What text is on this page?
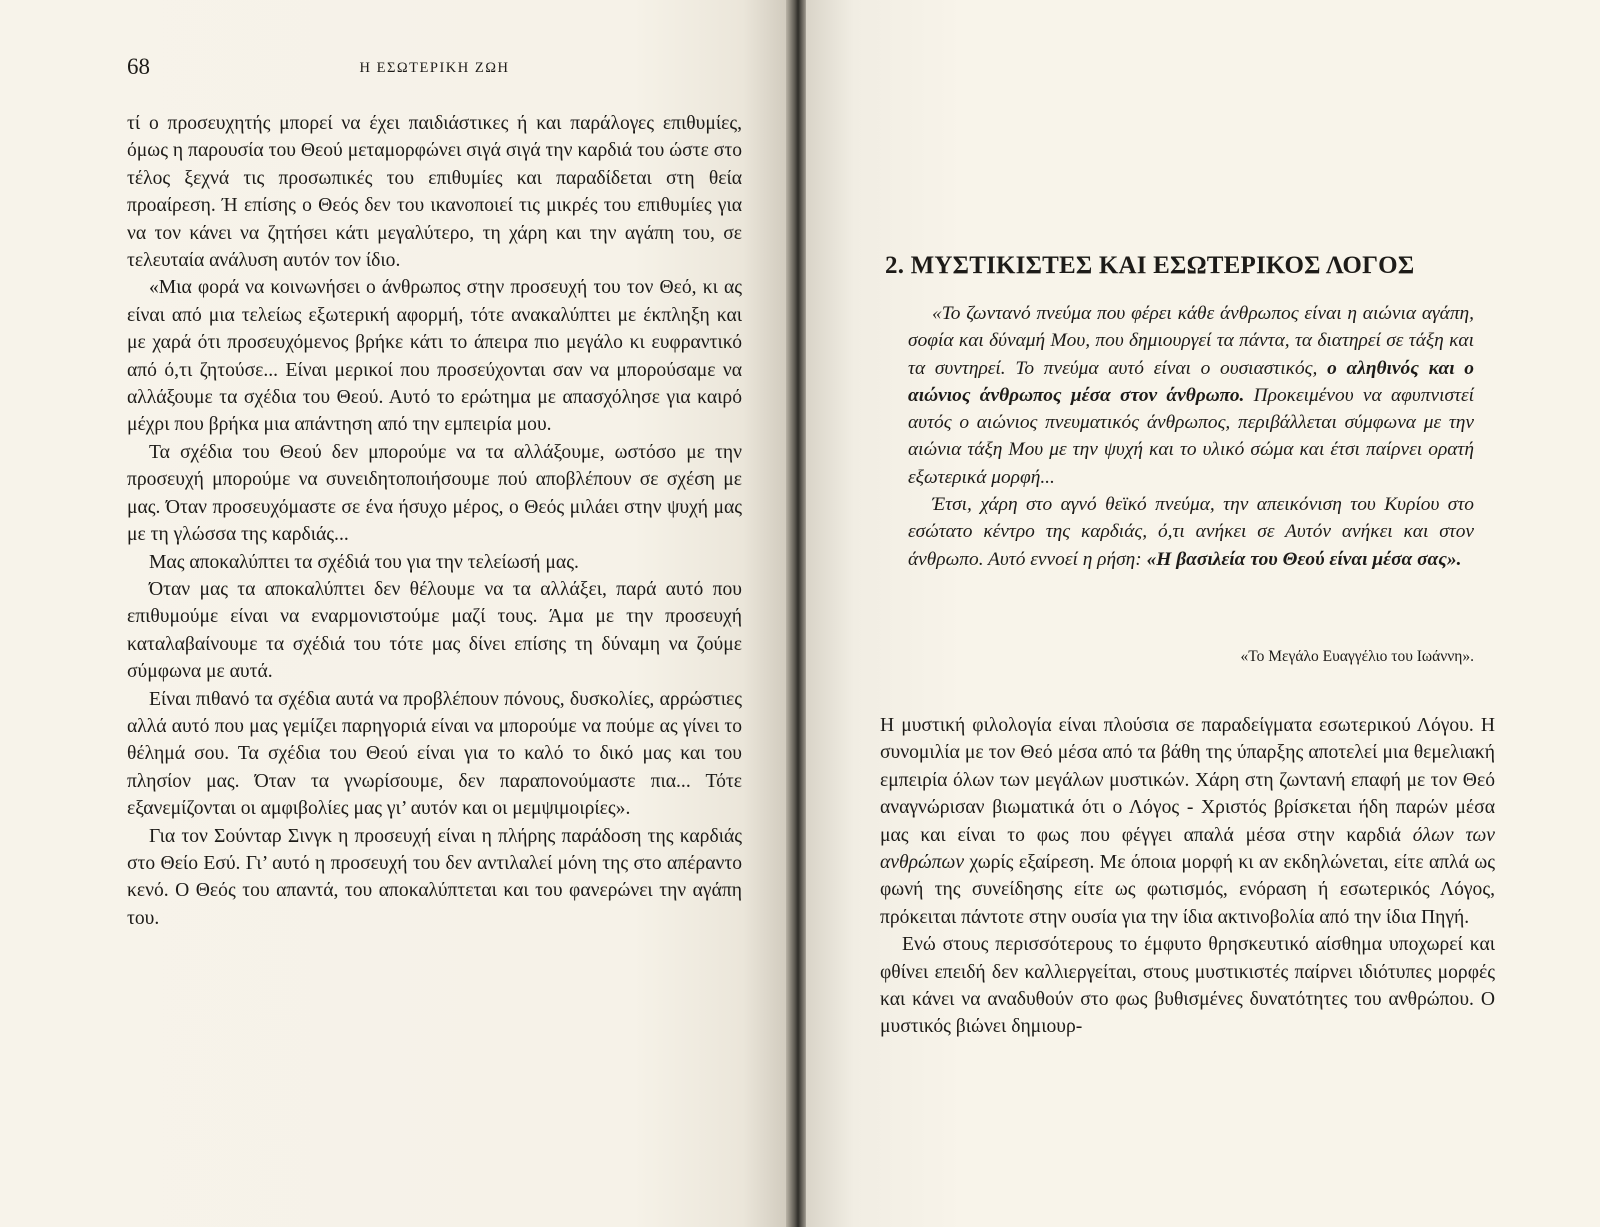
68	Η ΕΣΩΤΕΡΙΚΗ ΖΩΗ

τί ο προσευχητής μπορεί να έχει παιδιάστικες ή και παράλογες επιθυμίες, όμως η παρουσία του Θεού μεταμορφώνει σιγά σιγά την καρδιά του ώστε στο τέλος ξεχνά τις προσωπικές του επιθυμίες και παραδίδεται στη θεία προαίρεση. Ή επίσης ο Θεός δεν του ικανοποιεί τις μικρές του επιθυμίες για να τον κάνει να ζητήσει κάτι μεγαλύτερο, τη χάρη και την αγάπη του, σε τελευταία ανάλυση αυτόν τον ίδιο.

«Μια φορά να κοινωνήσει ο άνθρωπος στην προσευχή του τον Θεό, κι ας είναι από μια τελείως εξωτερική αφορμή, τότε ανακαλύπτει με έκπληξη και με χαρά ότι προσευχόμενος βρήκε κάτι το άπειρα πιο μεγάλο κι ευφραντικό από ό,τι ζητούσε... Είναι μερικοί που προσεύχονται σαν να μπορούσαμε να αλλάξουμε τα σχέδια του Θεού. Αυτό το ερώτημα με απασχόλησε για καιρό μέχρι που βρήκα μια απάντηση από την εμπειρία μου.

Τα σχέδια του Θεού δεν μπορούμε να τα αλλάξουμε, ωστόσο με την προσευχή μπορούμε να συνειδητοποιήσουμε πού αποβλέπουν σε σχέση με μας. Όταν προσευχόμαστε σε ένα ήσυχο μέρος, ο Θεός μιλάει στην ψυχή μας με τη γλώσσα της καρδιάς...

Μας αποκαλύπτει τα σχέδιά του για την τελείωσή μας.

Όταν μας τα αποκαλύπτει δεν θέλουμε να τα αλλάξει, παρά αυτό που επιθυμούμε είναι να εναρμονιστούμε μαζί τους. Άμα με την προσευχή καταλαβαίνουμε τα σχέδιά του τότε μας δίνει επίσης τη δύναμη να ζούμε σύμφωνα με αυτά.

Είναι πιθανό τα σχέδια αυτά να προβλέπουν πόνους, δυσκολίες, αρρώστιες αλλά αυτό που μας γεμίζει παρηγοριά είναι να μπορούμε να πούμε ας γίνει το θέλημά σου. Τα σχέδια του Θεού είναι για το καλό το δικό μας και του πλησίον μας. Όταν τα γνωρίσουμε, δεν παραπονούμαστε πια... Τότε εξανεμίζονται οι αμφιβολίες μας γι’ αυτόν και οι μεμψιμοιρίες».

Για τον Σούνταρ Σινγκ η προσευχή είναι η πλήρης παράδοση της καρδιάς στο Θείο Εσύ. Γι’ αυτό η προσευχή του δεν αντιλαλεί μόνη της στο απέραντο κενό. Ο Θεός του απαντά, του αποκαλύπτεται και του φανερώνει την αγάπη του.

2. ΜΥΣΤΙΚΙΣΤΕΣ ΚΑΙ ΕΣΩΤΕΡΙΚΟΣ ΛΟΓΟΣ

«Το ζωντανό πνεύμα που φέρει κάθε άνθρωπος είναι η αιώνια αγάπη, σοφία και δύναμή Μου, που δημιουργεί τα πάντα, τα διατηρεί σε τάξη και τα συντηρεί. Το πνεύμα αυτό είναι ο ουσιαστικός, ο αληθινός και ο αιώνιος άνθρωπος μέσα στον άνθρωπο. Προκειμένου να αφυπνιστεί αυτός ο αιώνιος πνευματικός άνθρωπος, περιβάλλεται σύμφωνα με την αιώνια τάξη Μου με την ψυχή και το υλικό σώμα και έτσι παίρνει ορατή εξωτερικά μορφή...

Έτσι, χάρη στο αγνό θεϊκό πνεύμα, την απεικόνιση του Κυρίου στο εσώτατο κέντρο της καρδιάς, ό,τι ανήκει σε Αυτόν ανήκει και στον άνθρωπο. Αυτό εννοεί η ρήση: «Η βασιλεία του Θεού είναι μέσα σας».

«Το Μεγάλο Ευαγγέλιο του Ιωάννη».

Η μυστική φιλολογία είναι πλούσια σε παραδείγματα εσωτερικού Λόγου. Η συνομιλία με τον Θεό μέσα από τα βάθη της ύπαρξης αποτελεί μια θεμελιακή εμπειρία όλων των μεγάλων μυστικών. Χάρη στη ζωντανή επαφή με τον Θεό αναγνώρισαν βιωματικά ότι ο Λόγος - Χριστός βρίσκεται ήδη παρών μέσα μας και είναι το φως που φέγγει απαλά μέσα στην καρδιά όλων των ανθρώπων χωρίς εξαίρεση. Με όποια μορφή κι αν εκδηλώνεται, είτε απλά ως φωνή της συνείδησης είτε ως φωτισμός, ενόραση ή εσωτερικός Λόγος, πρόκειται πάντοτε στην ουσία για την ίδια ακτινοβολία από την ίδια Πηγή.

Ενώ στους περισσότερους το έμφυτο θρησκευτικό αίσθημα υποχωρεί και φθίνει επειδή δεν καλλιεργείται, στους μυστικιστές παίρνει ιδιότυπες μορφές και κάνει να αναδυθούν στο φως βυθισμένες δυνατότητες του ανθρώπου. Ο μυστικός βιώνει δημιουρ-
